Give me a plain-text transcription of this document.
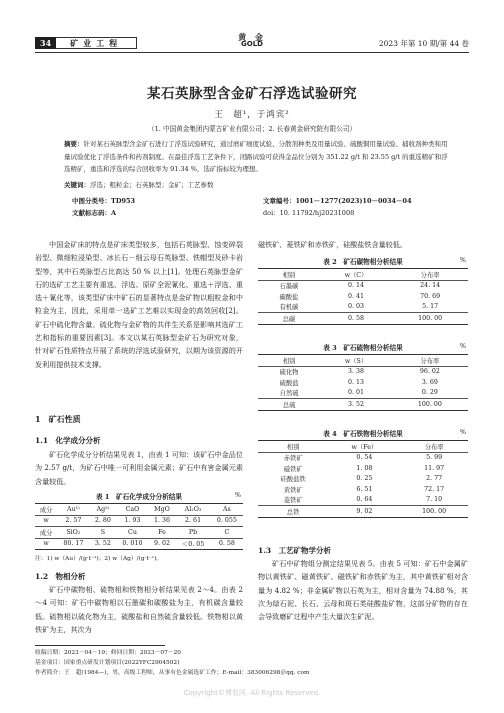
34	矿业工程
黄 金
GOLD	2023 年第 10 期/第 44 卷
某石英脉型含金矿石浮选试验研究
王　超¹，于鸿宾²
（1. 中国黄金集团内蒙古矿业有限公司；2. 长春黄金研究院有限公司）
摘要：针对某石英脉型含金矿石进行了浮选试验研究，通过磨矿细度试验、分散剂种类及用量试验、硫酸铜用量试验、捕收剂种类和用量试验优化了浮选条件和药剂制度。在最佳浮选工艺条件下，闭路试验可获得金品位分别为 351.22 g/t 和 23.55 g/t 的重选精矿和浮选精矿，重选和浮选的综合回收率为 91.34 %，选矿指标较为理想。
关键词：浮选；粗粒金；石英脉型；金矿；工艺参数
中图分类号：TD953
文献标志码：A
文章编号：1001－1277(2023)10－0034－04
doi：10. 11792/hj20231008

中国金矿床的特点是矿床类型较多，包括石英脉型、蚀变碎裂岩型、微细粒浸染型、冰长石－细云母石英脉型、铁帽型及砂卡岩型等，其中石英脉型占比高达 50 % 以上[1]。处理石英脉型金矿石的选矿工艺主要有重选、浮选、原矿全泥氰化、重选＋浮选、重选＋氰化等，该类型矿床中矿石的显著特点是金矿物以粗粒金和中粒金为主，因此，采用单一选矿工艺难以实现金的高效回收[2]。矿石中硫化物含量、硫化物与金矿物的共伴生关系是影响其选矿工艺和指标的重要因素[3]。本文以某石英脉型金矿石为研究对象，针对矿石性质特点开展了系统的浮选试验研究，以期为该资源的开发利用提供技术支撑。

1　矿石性质
1.1　化学成分分析

矿石化学成分分析结果见表 1，由表 1 可知：该矿石中金品位为 2.57 g/t，为矿石中唯一可利用金属元素；矿石中有害金属元素含量较低。

表 1　矿石化学成分分析结果	%
成分	Au¹⁾	Ag²⁾	CaO	MgO	Al₂O₃	As
w	2. 57	2. 80	1. 93	1. 36	2. 61	0. 055
成分	SiO₂	S	Cu	Fe	Pb	C
w	80. 17	3. 52	0. 010	9. 02	＜0. 05	0. 58
注：1) w（Au）/(g·t⁻¹)；2) w（Ag）/(g·t⁻¹)。
1.2　物相分析

矿石中碳物相、硫物相和铁物相分析结果见表 2～4。由表 2～4 可知：矿石中碳物相以石墨碳和碳酸盐为主，有机碳含量较低。硫物相以硫化物为主，硫酸盐和自然硫含量较低。铁物相以黄铁矿为主，其次为

磁铁矿、菱铁矿和赤铁矿，硅酸盐铁含量较低。
表 2　矿石碳物相分析结果	%
相别	w（C）	分布率
石墨碳	0. 14	24. 14
碳酸盐	0. 41	70. 69
有机碳	0. 03	5. 17
总碳	0. 58	100. 00
表 3　矿石硫物相分析结果	%
相别	w（S）	分布率
硫化物	3. 38	96. 02
硫酸盐	0. 13	3. 69
自然硫	0. 01	0. 29
总硫	3. 52	100. 00
表 4　矿石铁物相分析结果	%
相别	w（Fe）	分布率
赤铁矿	0. 54	5. 99
磁铁矿	1. 08	11. 97
硅酸盐铁	0. 25	2. 77
黄铁矿	6. 51	72. 17
菱铁矿	0. 64	7. 10
总铁	9. 02	100. 00
1.3　工艺矿物学分析

矿石中矿物组分测定结果见表 5。由表 5 可知：矿石中金属矿物以黄铁矿、磁黄铁矿、磁铁矿和赤铁矿为主，其中黄铁矿相对含量为 4.82 %；非金属矿物以石英为主，相对含量为 74.88 %，其次为绿石泥、长石、云母和斑石类硅酸盐矿物，这部分矿物的存在会导致磨矿过程中产生大量次生矿泥。

收稿日期：2023－04－19；修回日期：2023－07－20
基金项目：国家重点研发计划项目(2022YFC2904502)
作者简介：王　超(1984—)，男，高级工程师，从事有色金属选矿工作；E-mail：383006298＠qq. com
Copyright©博看网. All Rights Reserved.
